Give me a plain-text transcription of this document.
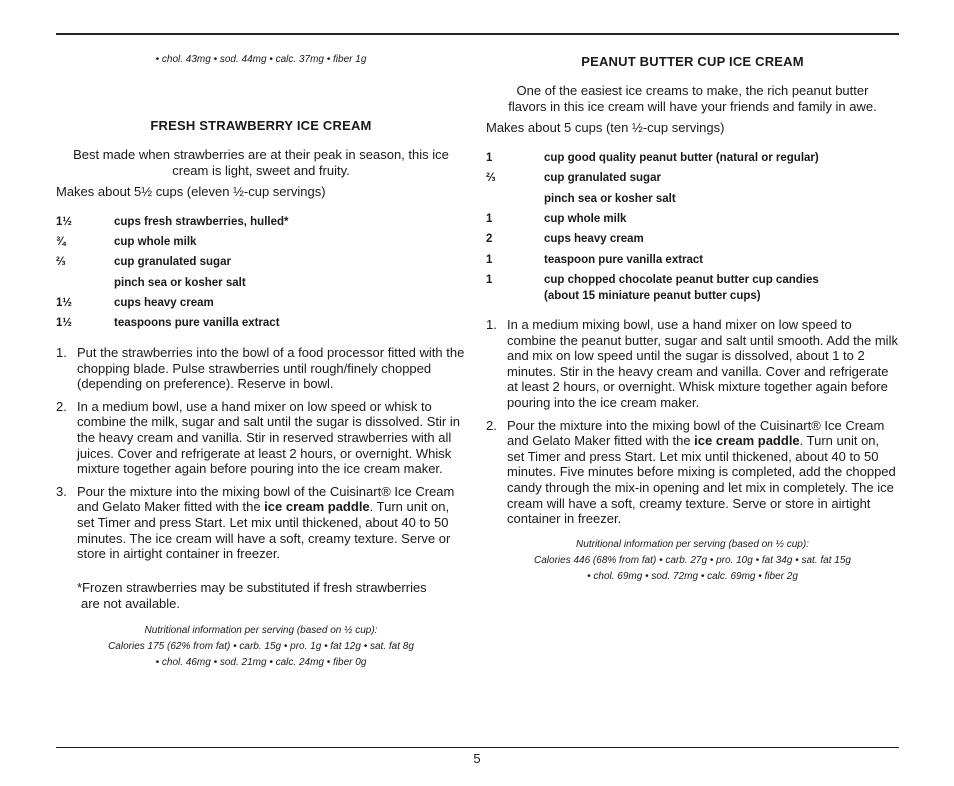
• chol. 43mg • sod. 44mg • calc. 37mg • fiber 1g
FRESH STRAWBERRY ICE CREAM
Best made when strawberries are at their peak in season, this ice
cream is light, sweet and fruity.
Makes about 5½ cups (eleven ½-cup servings)
1½	cups fresh strawberries, hulled*
¾	cup whole milk
⅔	cup granulated sugar
pinch sea or kosher salt
1½	cups heavy cream
1½	teaspoons pure vanilla extract
1. Put the strawberries into the bowl of a food processor fitted with the chopping blade. Pulse strawberries until rough/finely chopped (depending on preference). Reserve in bowl.
2. In a medium bowl, use a hand mixer on low speed or whisk to combine the milk, sugar and salt until the sugar is dissolved. Stir in the heavy cream and vanilla. Stir in reserved strawberries with all juices. Cover and refrigerate at least 2 hours, or overnight. Whisk mixture together again before pouring into the ice cream maker.
3. Pour the mixture into the mixing bowl of the Cuisinart® Ice Cream and Gelato Maker fitted with the ice cream paddle. Turn unit on, set Timer and press Start. Let mix until thickened, about 40 to 50 minutes. The ice cream will have a soft, creamy texture. Serve or store in airtight container in freezer.
*Frozen strawberries may be substituted if fresh strawberries
are not available.
Nutritional information per serving (based on ½ cup):
Calories 175 (62% from fat) • carb. 15g • pro. 1g • fat 12g • sat. fat 8g
• chol. 46mg • sod. 21mg • calc. 24mg • fiber 0g
PEANUT BUTTER CUP ICE CREAM
One of the easiest ice creams to make, the rich peanut butter
flavors in this ice cream will have your friends and family in awe.
Makes about 5 cups (ten ½-cup servings)
1	cup good quality peanut butter (natural or regular)
⅔	cup granulated sugar
pinch sea or kosher salt
1	cup whole milk
2	cups heavy cream
1	teaspoon pure vanilla extract
1	cup chopped chocolate peanut butter cup candies
(about 15 miniature peanut butter cups)
1. In a medium mixing bowl, use a hand mixer on low speed to combine the peanut butter, sugar and salt until smooth. Add the milk and mix on low speed until the sugar is dissolved, about 1 to 2 minutes. Stir in the heavy cream and vanilla. Cover and refrigerate at least 2 hours, or overnight. Whisk mixture together again before pouring into the ice cream maker.
2. Pour the mixture into the mixing bowl of the Cuisinart® Ice Cream and Gelato Maker fitted with the ice cream paddle. Turn unit on, set Timer and press Start. Let mix until thickened, about 40 to 50 minutes. Five minutes before mixing is completed, add the chopped candy through the mix-in opening and let mix in completely. The ice cream will have a soft, creamy texture. Serve or store in airtight container in freezer.
Nutritional information per serving (based on ½ cup):
Calories 446 (68% from fat) • carb. 27g • pro. 10g • fat 34g • sat. fat 15g
• chol. 69mg • sod. 72mg • calc. 69mg • fiber 2g
5
